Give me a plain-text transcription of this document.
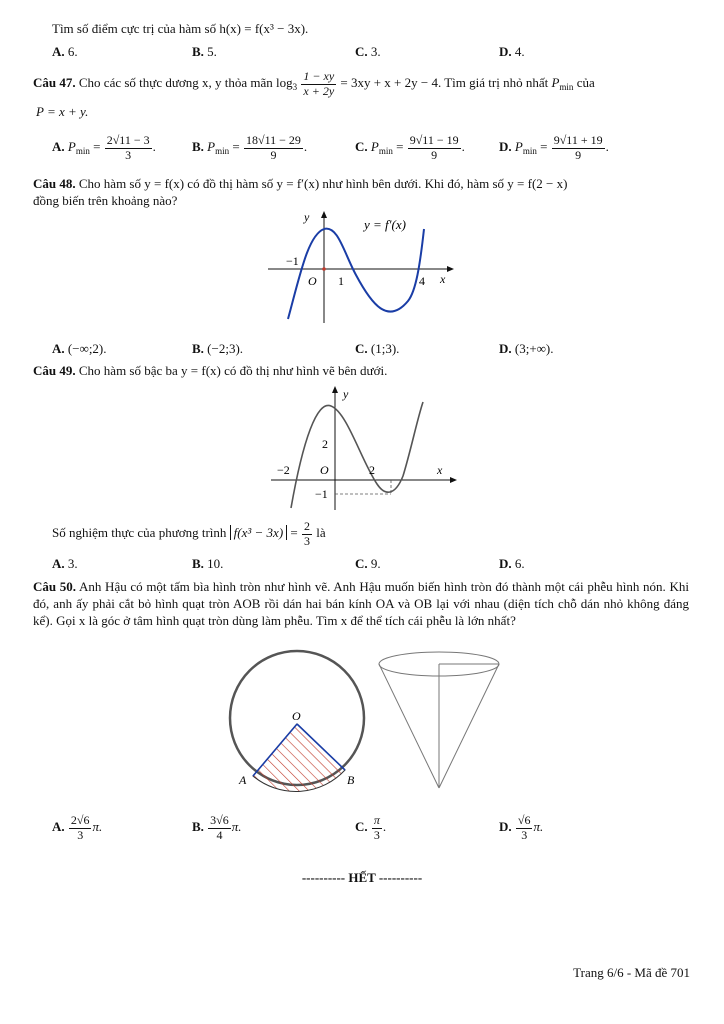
Tìm số điểm cực trị của hàm số h(x) = f(x³ − 3x).
A. 6.	B. 5.	C. 3.	D. 4.
Câu 47. Cho các số thực dương x, y thỏa mãn $\log_3 \frac{1 - xy}{x + 2y} = 3xy + x + 2y - 4$. Tìm giá trị nhỏ nhất $P_{min}$ của
P = x + y.
A. $P_{min} = \frac{2√11 - 3}{3}$ .	B. $P_{min} = \frac{18√11 - 29}{9}$ .	C. $P_{min} = \frac{9√11 - 19}{9}$ .	D. $P_{min} = \frac{9√11 + 19}{9}$ .
Câu 48. Cho hàm số y = f(x) có đồ thị hàm số y = f′(x) như hình bên dưới. Khi đó, hàm số y = f(2 − x)
đồng biến trên khoảng nào?
y
x
O
−1
1	4
y = f′(x)
A. (−∞;2).	B. (−2;3).	C. (1;3).	D. (3;+∞).
Câu 49. Cho hàm số bậc ba y = f(x) có đồ thị như hình vẽ bên dưới.
y
x
O
−2	2
2
−1
Số nghiệm thực của phương trình $f(x^3 - 3x) = \frac{2}{3}$ là
A. 3.	B. 10.	C. 9.	D. 6.
Câu 50. Anh Hậu có một tấm bìa hình tròn như hình vẽ. Anh Hậu muốn biến hình tròn đó thành một cái phễu hình nón. Khi đó, anh ấy phải cắt bỏ hình quạt tròn AOB rồi dán hai bán kính OA và OB lại với nhau (diện tích chỗ dán nhỏ không đáng kể). Gọi x là góc ở tâm hình quạt tròn dùng làm phễu. Tìm x để thể tích cái phễu là lớn nhất?
O
A	B
A. $\frac{2√6}{3} \pi$.	B. $\frac{3√6}{4} \pi$.	C. $\frac{\pi}{3}$ .	D. $\frac{√6}{3} \pi$.
---------- HẾT ----------
Trang 6/6 - Mã đề 701
